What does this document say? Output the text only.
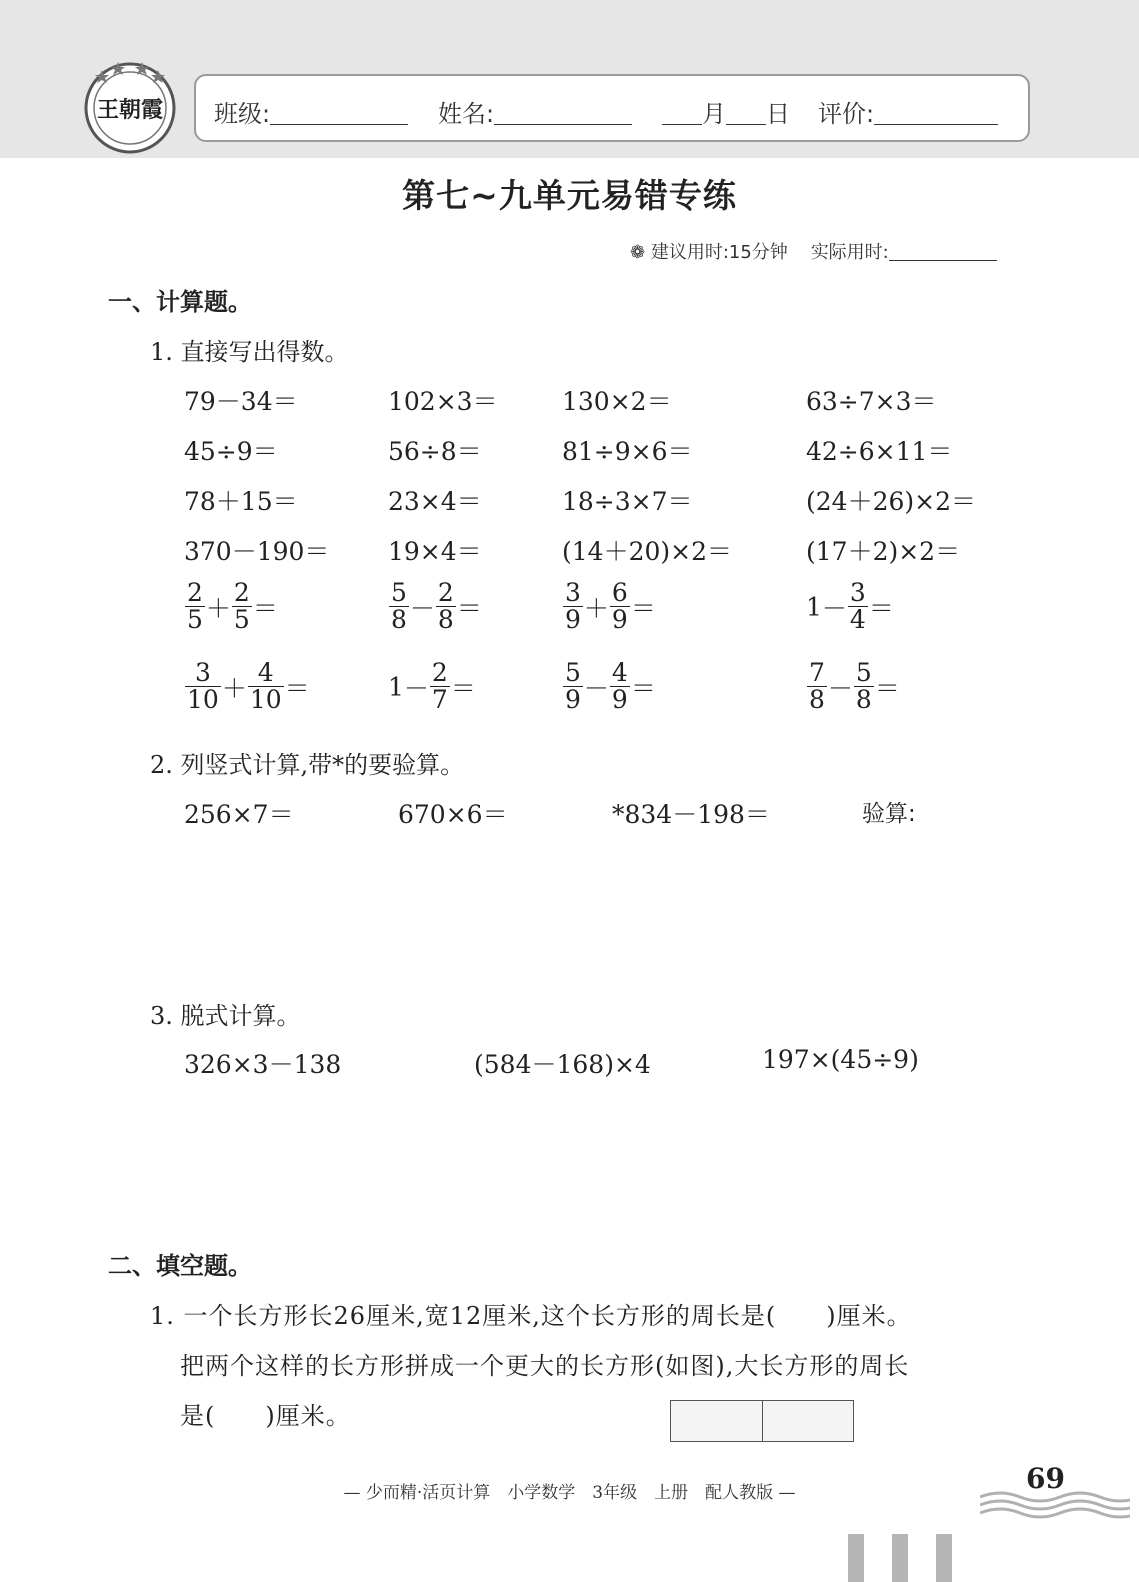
王朝霞 班级:	姓名:	月 日 评价:
第七~九单元易错专练
❁ 建议用时:15分钟 实际用时:
一、计算题。
1. 直接写出得数。
79－34＝	102×3＝	130×2＝	63÷7×3＝
45÷9＝	56÷8＝	81÷9×6＝	42÷6×11＝
78＋15＝	23×4＝	18÷3×7＝	(24＋26)×2＝
370－190＝ 19×4＝	(14＋20)×2＝	(17＋2)×2＝
$\frac{2}{5} + \frac{2}{5}$ ＝	$\frac{5}{8} - \frac{2}{8}$ ＝	$\frac{3}{9} + \frac{6}{9}$ ＝	$1- \frac{3}{4}$ ＝
$\frac{3}{10} + \frac{4}{10}$ ＝	$1- \frac{2}{7}$ ＝	$\frac{5}{9} - \frac{4}{9}$ ＝	$\frac{7}{8} - \frac{5}{8}$ ＝
2. 列竖式计算,带*的要验算。
256×7＝	670×6＝	*834－198＝	验算:
3. 脱式计算。
326×3－138	(584－168)×4	197×(45÷9)
二、填空题。
1. 一个长方形长26厘米,宽12厘米,这个长方形的周长是(　　)厘米。
把两个这样的长方形拼成一个更大的长方形(如图),大长方形的周长
是(　　)厘米。
— 少而精·活页计算　小学数学　3年级　上册　配人教版 —	69
